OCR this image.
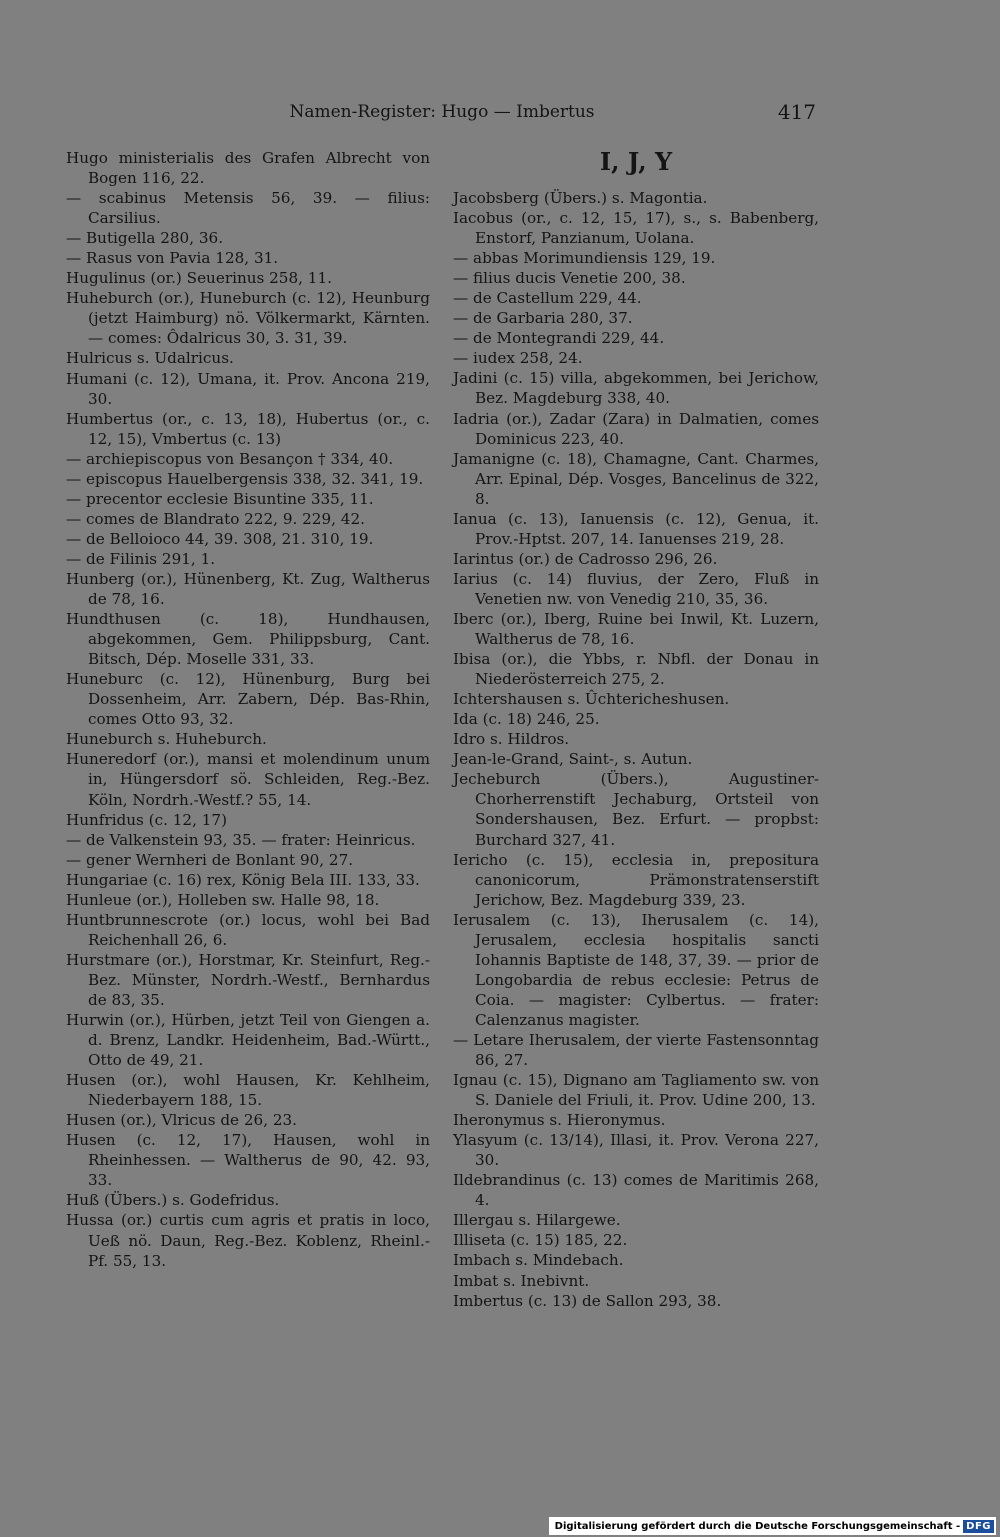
Namen-Register: Hugo — Imbertus	417

Hugo ministerialis des Grafen Albrecht von Bogen 116, 22.

— scabinus Metensis 56, 39. — filius: Carsilius.

— Butigella 280, 36.

— Rasus von Pavia 128, 31.

Hugulinus (or.) Seuerinus 258, 11.

Huheburch (or.), Huneburch (c. 12), Heunburg (jetzt Haimburg) nö. Völkermarkt, Kärnten. — comes: Ôdalricus 30, 3. 31, 39.

Hulricus s. Udalricus.

Humani (c. 12), Umana, it. Prov. Ancona 219, 30.

Humbertus (or., c. 13, 18), Hubertus (or., c. 12, 15), Vmbertus (c. 13)

— archiepiscopus von Besançon † 334, 40.

— episcopus Hauelbergensis 338, 32. 341, 19.

— precentor ecclesie Bisuntine 335, 11.

— comes de Blandrato 222, 9. 229, 42.

— de Belloioco 44, 39. 308, 21. 310, 19.

— de Filinis 291, 1.

Hunberg (or.), Hünenberg, Kt. Zug, Waltherus de 78, 16.

Hundthusen (c. 18), Hundhausen, abgekommen, Gem. Philippsburg, Cant. Bitsch, Dép. Moselle 331, 33.

Huneburc (c. 12), Hünenburg, Burg bei Dossenheim, Arr. Zabern, Dép. Bas-Rhin, comes Otto 93, 32.

Huneburch s. Huheburch.

Huneredorf (or.), mansi et molendinum unum in, Hüngersdorf sö. Schleiden, Reg.-Bez. Köln, Nordrh.-Westf.? 55, 14.

Hunfridus (c. 12, 17)

— de Valkenstein 93, 35. — frater: Heinricus.

— gener Wernheri de Bonlant 90, 27.

Hungariae (c. 16) rex, König Bela III. 133, 33.

Hunleue (or.), Holleben sw. Halle 98, 18.

Huntbrunnescrote (or.) locus, wohl bei Bad Reichenhall 26, 6.

Hurstmare (or.), Horstmar, Kr. Steinfurt, Reg.-Bez. Münster, Nordrh.-Westf., Bernhardus de 83, 35.

Hurwin (or.), Hürben, jetzt Teil von Giengen a. d. Brenz, Landkr. Heidenheim, Bad.-Württ., Otto de 49, 21.

Husen (or.), wohl Hausen, Kr. Kehlheim, Niederbayern 188, 15.

Husen (or.), Vlricus de 26, 23.

Husen (c. 12, 17), Hausen, wohl in Rheinhessen. — Waltherus de 90, 42. 93, 33.

Huß (Übers.) s. Godefridus.

Hussa (or.) curtis cum agris et pratis in loco, Ueß nö. Daun, Reg.-Bez. Koblenz, Rheinl.-Pf. 55, 13.

I, J, Y

Jacobsberg (Übers.) s. Magontia.

Iacobus (or., c. 12, 15, 17), s., s. Babenberg, Enstorf, Panzianum, Uolana.

— abbas Morimundiensis 129, 19.

— filius ducis Venetie 200, 38.

— de Castellum 229, 44.

— de Garbaria 280, 37.

— de Montegrandi 229, 44.

— iudex 258, 24.

Jadini (c. 15) villa, abgekommen, bei Jerichow, Bez. Magdeburg 338, 40.

Iadria (or.), Zadar (Zara) in Dalmatien, comes Dominicus 223, 40.

Jamanigne (c. 18), Chamagne, Cant. Charmes, Arr. Epinal, Dép. Vosges, Bancelinus de 322, 8.

Ianua (c. 13), Ianuensis (c. 12), Genua, it. Prov.-Hptst. 207, 14. Ianuenses 219, 28.

Iarintus (or.) de Cadrosso 296, 26.

Iarius (c. 14) fluvius, der Zero, Fluß in Venetien nw. von Venedig 210, 35, 36.

Iberc (or.), Iberg, Ruine bei Inwil, Kt. Luzern, Waltherus de 78, 16.

Ibisa (or.), die Ybbs, r. Nbfl. der Donau in Niederösterreich 275, 2.

Ichtershausen s. Ûchtericheshusen.

Ida (c. 18) 246, 25.

Idro s. Hildros.

Jean-le-Grand, Saint-, s. Autun.

Jecheburch (Übers.), Augustiner-Chorherrenstift Jechaburg, Ortsteil von Sondershausen, Bez. Erfurt. — propbst: Burchard 327, 41.

Iericho (c. 15), ecclesia in, prepositura canonicorum, Prämonstratenserstift Jerichow, Bez. Magdeburg 339, 23.

Ierusalem (c. 13), Iherusalem (c. 14), Jerusalem, ecclesia hospitalis sancti Iohannis Baptiste de 148, 37, 39. — prior de Longobardia de rebus ecclesie: Petrus de Coia. — magister: Cylbertus. — frater: Calenzanus magister.

— Letare Iherusalem, der vierte Fastensonntag 86, 27.

Ignau (c. 15), Dignano am Tagliamento sw. von S. Daniele del Friuli, it. Prov. Udine 200, 13.

Iheronymus s. Hieronymus.

Ylasyum (c. 13/14), Illasi, it. Prov. Verona 227, 30.

Ildebrandinus (c. 13) comes de Maritimis 268, 4.

Illergau s. Hilargewe.

Illiseta (c. 15) 185, 22.

Imbach s. Mindebach.

Imbat s. Inebivnt.

Imbertus (c. 13) de Sallon 293, 38.

Digitalisierung gefördert durch die Deutsche Forschungsgemeinschaft - DFG
